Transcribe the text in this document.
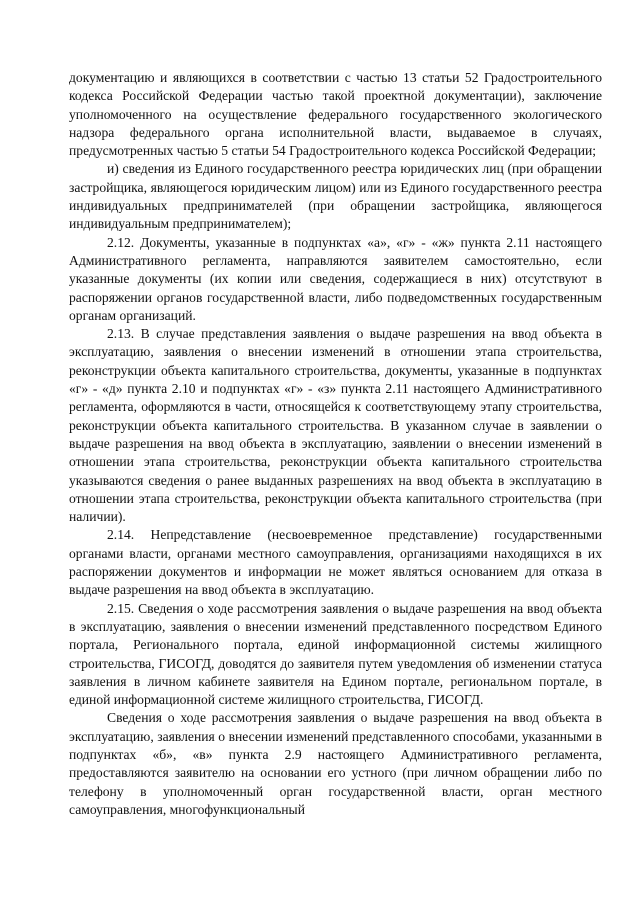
документацию и являющихся в соответствии с частью 13 статьи 52 Градостроительного кодекса Российской Федерации частью такой проектной документации), заключение уполномоченного на осуществление федерального государственного экологического надзора федерального органа исполнительной власти, выдаваемое в случаях, предусмотренных частью 5 статьи 54 Градостроительного кодекса Российской Федерации;

и) сведения из Единого государственного реестра юридических лиц (при обращении застройщика, являющегося юридическим лицом) или из Единого государственного реестра индивидуальных предпринимателей (при обращении застройщика, являющегося индивидуальным предпринимателем);

2.12. Документы, указанные в подпунктах «а», «г» - «ж» пункта 2.11 настоящего Административного регламента, направляются заявителем самостоятельно, если указанные документы (их копии или сведения, содержащиеся в них) отсутствуют в распоряжении органов государственной власти, либо подведомственных государственным органам организаций.

2.13. В случае представления заявления о выдаче разрешения на ввод объекта в эксплуатацию, заявления о внесении изменений в отношении этапа строительства, реконструкции объекта капитального строительства, документы, указанные в подпунктах «г» - «д» пункта 2.10 и подпунктах «г» - «з» пункта 2.11 настоящего Административного регламента, оформляются в части, относящейся к соответствующему этапу строительства, реконструкции объекта капитального строительства. В указанном случае в заявлении о выдаче разрешения на ввод объекта в эксплуатацию, заявлении о внесении изменений в отношении этапа строительства, реконструкции объекта капитального строительства указываются сведения о ранее выданных разрешениях на ввод объекта в эксплуатацию в отношении этапа строительства, реконструкции объекта капитального строительства (при наличии).

2.14. Непредставление (несвоевременное представление) государственными органами власти, органами местного самоуправления, организациями находящихся в их распоряжении документов и информации не может являться основанием для отказа в выдаче разрешения на ввод объекта в эксплуатацию.

2.15. Сведения о ходе рассмотрения заявления о выдаче разрешения на ввод объекта в эксплуатацию, заявления о внесении изменений представленного посредством Единого портала, Регионального портала, единой информационной системы жилищного строительства, ГИСОГД, доводятся до заявителя путем уведомления об изменении статуса заявления в личном кабинете заявителя на Едином портале, региональном портале, в единой информационной системе жилищного строительства, ГИСОГД.

Сведения о ходе рассмотрения заявления о выдаче разрешения на ввод объекта в эксплуатацию, заявления о внесении изменений представленного способами, указанными в подпунктах «б», «в» пункта 2.9 настоящего Административного регламента, предоставляются заявителю на основании его устного (при личном обращении либо по телефону в уполномоченный орган государственной власти, орган местного самоуправления, многофункциональный
